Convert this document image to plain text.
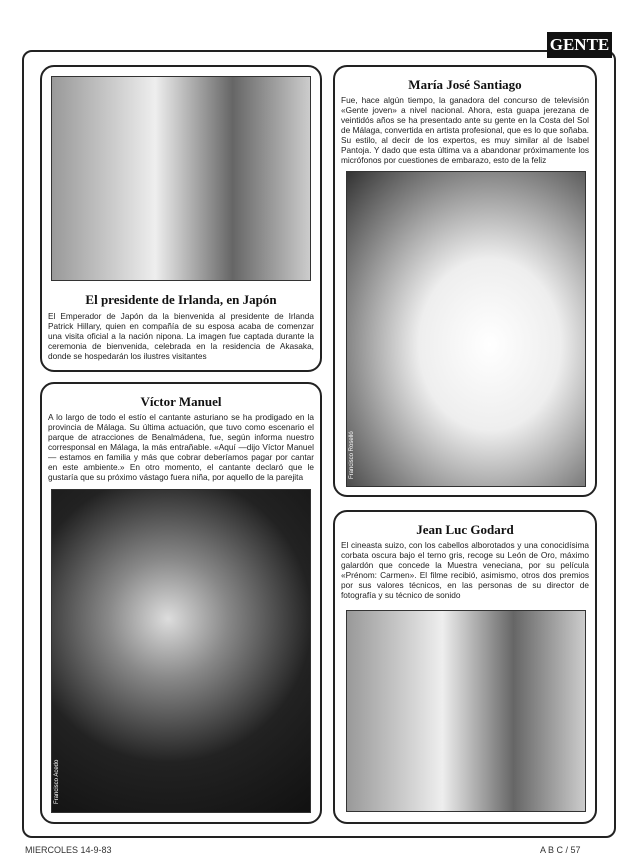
GENTE
El presidente de Irlanda, en Japón
El Emperador de Japón da la bienvenida al presidente de Irlanda Patrick Hillary, quien en compañía de su esposa acaba de comenzar una visita oficial a la nación nipona. La imagen fue captada durante la ceremonia de bienvenida, celebrada en la residencia de Akasaka, donde se hospedarán los ilustres visitantes
Víctor Manuel
A lo largo de todo el estío el cantante asturiano se ha prodigado en la provincia de Málaga. Su última actuación, que tuvo como escenario el parque de atracciones de Benalmádena, fue, según informa nuestro corresponsal en Málaga, la más entrañable. «Aquí —dijo Víctor Manuel— estamos en familia y más que cobrar deberíamos pagar por cantar en este ambiente.» En otro momento, el cantante declaró que le gustaría que su próximo vástago fuera niña, por aquello de la parejita
Francisco Acedo
María José Santiago
Fue, hace algún tiempo, la ganadora del concurso de televisión «Gente joven» a nivel nacional. Ahora, esta guapa jerezana de veintidós años se ha presentado ante su gente en la Costa del Sol de Málaga, convertida en artista profesional, que es lo que soñaba. Su estilo, al decir de los expertos, es muy similar al de Isabel Pantoja. Y dado que esta última va a abandonar próximamente los micrófonos por cuestiones de embarazo, esto de la feliz
Francisco Roselló
Jean Luc Godard
El cineasta suizo, con los cabellos alborotados y una conocidísima corbata oscura bajo el terno gris, recoge su León de Oro, máximo galardón que concede la Muestra veneciana, por su película «Prénom: Carmen». El filme recibió, asimismo, otros dos premios por sus valores técnicos, en las personas de su director de fotografía y su técnico de sonido
MIERCOLES 14-9-83	A B C / 57
